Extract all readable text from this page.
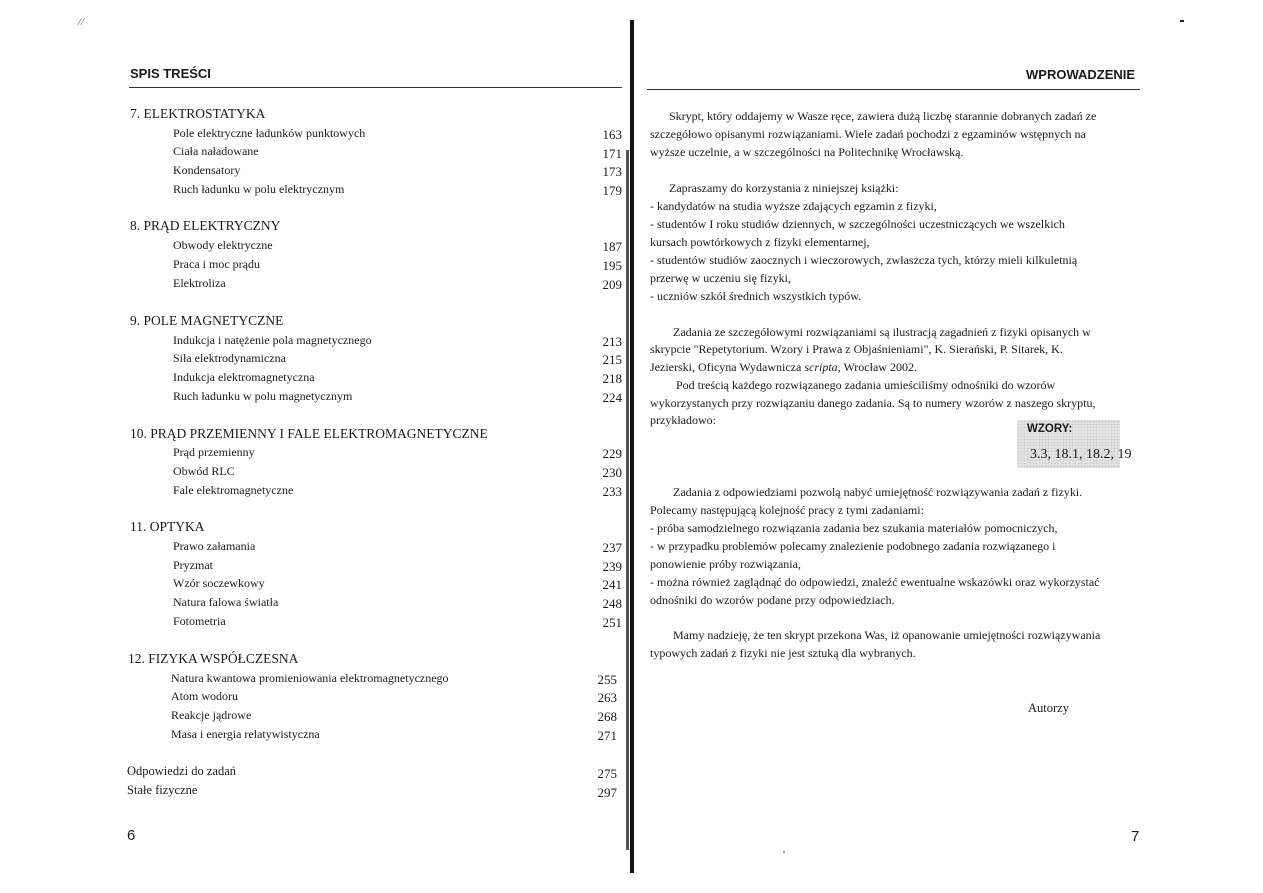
//
SPIS TREŚCI
7. ELEKTROSTATYKA
Pole elektryczne ładunków punktowych	163
Ciała naładowane	171
Kondensatory	173
Ruch ładunku w polu elektrycznym	179
8. PRĄD ELEKTRYCZNY
Obwody elektryczne	187
Praca i moc prądu	195
Elektroliza	209
9. POLE MAGNETYCZNE
Indukcja i natężenie pola magnetycznego	213
Siła elektrodynamiczna	215
Indukcja elektromagnetyczna	218
Ruch ładunku w polu magnetycznym	224
10. PRĄD PRZEMIENNY I FALE ELEKTROMAGNETYCZNE
Prąd przemienny	229
Obwód RLC	230
Fale elektromagnetyczne	233
11. OPTYKA
Prawo załamania	237
Pryzmat	239
Wzór soczewkowy	241
Natura falowa światła	248
Fotometria	251
12. FIZYKA WSPÓŁCZESNA
Natura kwantowa promieniowania elektromagnetycznego	255
Atom wodoru	263
Reakcje jądrowe	268
Masa i energia relatywistyczna	271
Odpowiedzi do zadań	275
Stałe fizyczne	297
6
WPROWADZENIE
Skrypt, który oddajemy w Wasze ręce, zawiera dużą liczbę starannie dobranych zadań ze
szczegółowo opisanymi rozwiązaniami. Wiele zadań pochodzi z egzaminów wstępnych na
wyższe uczelnie, a w szczególności na Politechnikę Wrocławską.
Zapraszamy do korzystania z niniejszej książki:
- kandydatów na studia wyższe zdających egzamin z fizyki,
- studentów I roku studiów dziennych, w szczególności uczestniczących we wszelkich
kursach powtórkowych z fizyki elementarnej,
- studentów studiów zaocznych i wieczorowych, zwłaszcza tych, którzy mieli kilkuletnią
przerwę w uczeniu się fizyki,
- uczniów szkół średnich wszystkich typów.
Zadania ze szczegółowymi rozwiązaniami są ilustracją zagadnień z fizyki opisanych w
skrypcie "Repetytorium. Wzory i Prawa z Objaśnieniami", K. Sierański, P. Sitarek, K.
Jezierski, Oficyna Wydawnicza scripta, Wrocław 2002.
Pod treścią każdego rozwiązanego zadania umieściliśmy odnośniki do wzorów
wykorzystanych przy rozwiązaniu danego zadania. Są to numery wzorów z naszego skryptu,
przykładowo:
WZORY:
3.3, 18.1, 18.2, 19
Zadania z odpowiedziami pozwolą nabyć umiejętność rozwiązywania zadań z fizyki.
Polecamy następującą kolejność pracy z tymi zadaniami:
- próba samodzielnego rozwiązania zadania bez szukania materiałów pomocniczych,
- w przypadku problemów polecamy znalezienie podobnego zadania rozwiązanego i
ponowienie próby rozwiązania,
- można również zaglądnąć do odpowiedzi, znaleźć ewentualne wskazówki oraz wykorzystać
odnośniki do wzorów podane przy odpowiedziach.
Mamy nadzieję, że ten skrypt przekona Was, iż opanowanie umiejętności rozwiązywania
typowych zadań z fizyki nie jest sztuką dla wybranych.
Autorzy
7
